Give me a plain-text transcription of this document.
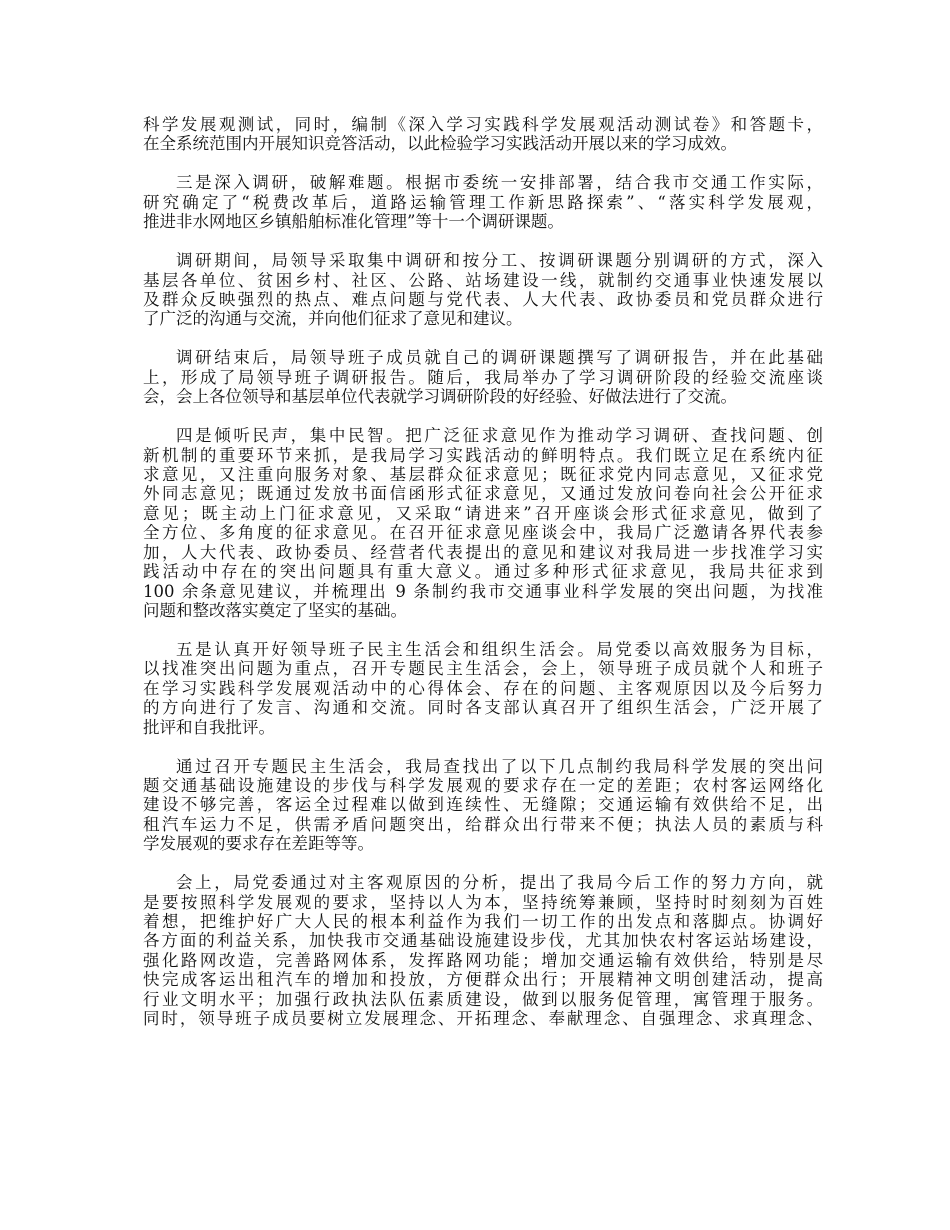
科学发展观测试，同时，编制《深入学习实践科学发展观活动测试卷》和答题卡，
在全系统范围内开展知识竞答活动，以此检验学习实践活动开展以来的学习成效。
三是深入调研，破解难题。根据市委统一安排部署，结合我市交通工作实际，
研究确定了“税费改革后，道路运输管理工作新思路探索”、“落实科学发展观，
推进非水网地区乡镇船舶标准化管理”等十一个调研课题。
调研期间，局领导采取集中调研和按分工、按调研课题分别调研的方式，深入
基层各单位、贫困乡村、社区、公路、站场建设一线，就制约交通事业快速发展以
及群众反映强烈的热点、难点问题与党代表、人大代表、政协委员和党员群众进行
了广泛的沟通与交流，并向他们征求了意见和建议。
调研结束后，局领导班子成员就自己的调研课题撰写了调研报告，并在此基础
上，形成了局领导班子调研报告。随后，我局举办了学习调研阶段的经验交流座谈
会，会上各位领导和基层单位代表就学习调研阶段的好经验、好做法进行了交流。
四是倾听民声，集中民智。把广泛征求意见作为推动学习调研、查找问题、创
新机制的重要环节来抓，是我局学习实践活动的鲜明特点。我们既立足在系统内征
求意见，又注重向服务对象、基层群众征求意见；既征求党内同志意见，又征求党
外同志意见；既通过发放书面信函形式征求意见，又通过发放问卷向社会公开征求
意见；既主动上门征求意见，又采取“请进来”召开座谈会形式征求意见，做到了
全方位、多角度的征求意见。在召开征求意见座谈会中，我局广泛邀请各界代表参
加，人大代表、政协委员、经营者代表提出的意见和建议对我局进一步找准学习实
践活动中存在的突出问题具有重大意义。通过多种形式征求意见，我局共征求到
100 余条意见建议，并梳理出 9 条制约我市交通事业科学发展的突出问题，为找准
问题和整改落实奠定了坚实的基础。
五是认真开好领导班子民主生活会和组织生活会。局党委以高效服务为目标，
以找准突出问题为重点，召开专题民主生活会，会上，领导班子成员就个人和班子
在学习实践科学发展观活动中的心得体会、存在的问题、主客观原因以及今后努力
的方向进行了发言、沟通和交流。同时各支部认真召开了组织生活会，广泛开展了
批评和自我批评。
通过召开专题民主生活会，我局查找出了以下几点制约我局科学发展的突出问
题交通基础设施建设的步伐与科学发展观的要求存在一定的差距；农村客运网络化
建设不够完善，客运全过程难以做到连续性、无缝隙；交通运输有效供给不足，出
租汽车运力不足，供需矛盾问题突出，给群众出行带来不便；执法人员的素质与科
学发展观的要求存在差距等等。
会上，局党委通过对主客观原因的分析，提出了我局今后工作的努力方向，就
是要按照科学发展观的要求，坚持以人为本，坚持统筹兼顾，坚持时时刻刻为百姓
着想，把维护好广大人民的根本利益作为我们一切工作的出发点和落脚点。协调好
各方面的利益关系，加快我市交通基础设施建设步伐，尤其加快农村客运站场建设，
强化路网改造，完善路网体系，发挥路网功能；增加交通运输有效供给，特别是尽
快完成客运出租汽车的增加和投放，方便群众出行；开展精神文明创建活动，提高
行业文明水平；加强行政执法队伍素质建设，做到以服务促管理，寓管理于服务。
同时，领导班子成员要树立发展理念、开拓理念、奉献理念、自强理念、求真理念、
